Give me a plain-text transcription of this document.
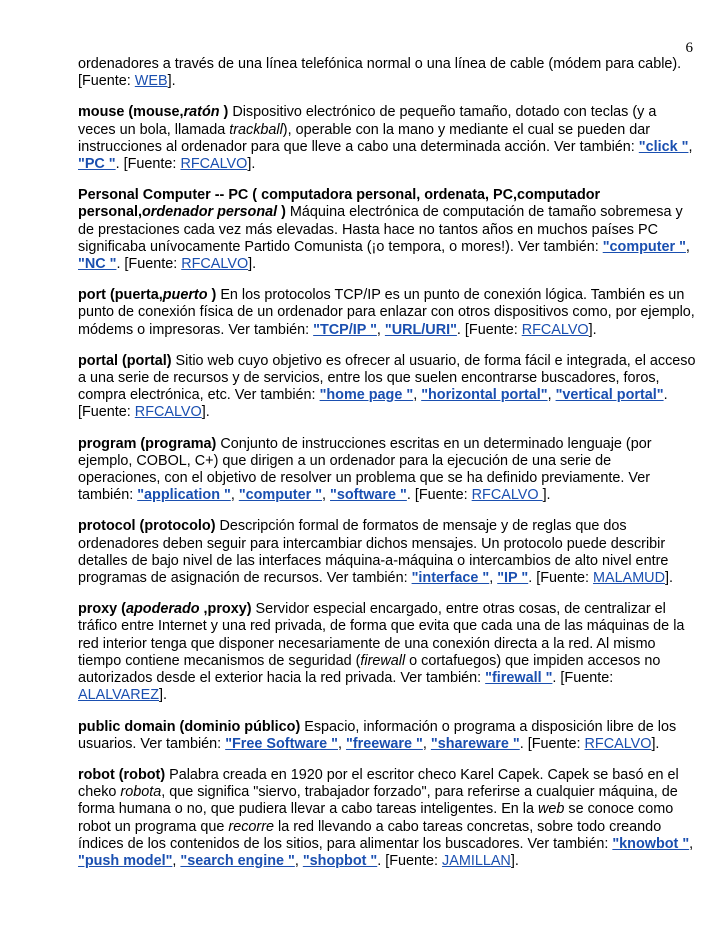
6

ordenadores a través de una línea telefónica normal o una línea de cable (módem para cable).[Fuente: WEB].

mouse (mouse,ratón ) Dispositivo electrónico de pequeño tamaño, dotado con teclas (y a veces un bola, llamada trackball), operable con la mano y mediante el cual se pueden dar instrucciones al ordenador para que lleve a cabo una determinada acción. Ver también: "click ", "PC ". [Fuente: RFCALVO].

Personal Computer -- PC ( computadora personal, ordenata, PC,computador personal,ordenador personal ) Máquina electrónica de computación de tamaño sobremesa y de prestaciones cada vez más elevadas. Hasta hace no tantos años en muchos países PC significaba unívocamente Partido Comunista (¡o tempora, o mores!). Ver también: "computer ", "NC ". [Fuente: RFCALVO].

port (puerta,puerto ) En los protocolos TCP/IP es un punto de conexión lógica. También es un punto de conexión física de un ordenador para enlazar con otros dispositivos como, por ejemplo, módems o impresoras. Ver también: "TCP/IP ", "URL/URI". [Fuente: RFCALVO].

portal (portal) Sitio web cuyo objetivo es ofrecer al usuario, de forma fácil e integrada, el acceso a una serie de recursos y de servicios, entre los que suelen encontrarse buscadores, foros, compra electrónica, etc. Ver también: "home page ", "horizontal portal", "vertical portal". [Fuente: RFCALVO].

program (programa) Conjunto de instrucciones escritas en un determinado lenguaje (por ejemplo, COBOL, C+) que dirigen a un ordenador para la ejecución de una serie de operaciones, con el objetivo de resolver un problema que se ha definido previamente. Ver también: "application ", "computer ", "software ". [Fuente: RFCALVO ].

protocol (protocolo) Descripción formal de formatos de mensaje y de reglas que dos ordenadores deben seguir para intercambiar dichos mensajes. Un protocolo puede describir detalles de bajo nivel de las interfaces máquina-a-máquina o intercambios de alto nivel entre programas de asignación de recursos. Ver también: "interface ", "IP ". [Fuente: MALAMUD].

proxy (apoderado ,proxy) Servidor especial encargado, entre otras cosas, de centralizar el tráfico entre Internet y una red privada, de forma que evita que cada una de las máquinas de la red interior tenga que disponer necesariamente de una conexión directa a la red. Al mismo tiempo contiene mecanismos de seguridad (firewall o cortafuegos) que impiden accesos no autorizados desde el exterior hacia la red privada. Ver también: "firewall ". [Fuente: ALALVAREZ].

public domain (dominio público) Espacio, información o programa a disposición libre de los usuarios. Ver también: "Free Software ", "freeware ", "shareware ". [Fuente: RFCALVO].

robot (robot) Palabra creada en 1920 por el escritor checo Karel Capek. Capek se basó en el cheko robota, que significa "siervo, trabajador forzado", para referirse a cualquier máquina, de forma humana o no, que pudiera llevar a cabo tareas inteligentes. En la web se conoce como robot un programa que recorre la red llevando a cabo tareas concretas, sobre todo creando índices de los contenidos de los sitios, para alimentar los buscadores. Ver también: "knowbot ", "push model", "search engine ", "shopbot ". [Fuente: JAMILLAN].
